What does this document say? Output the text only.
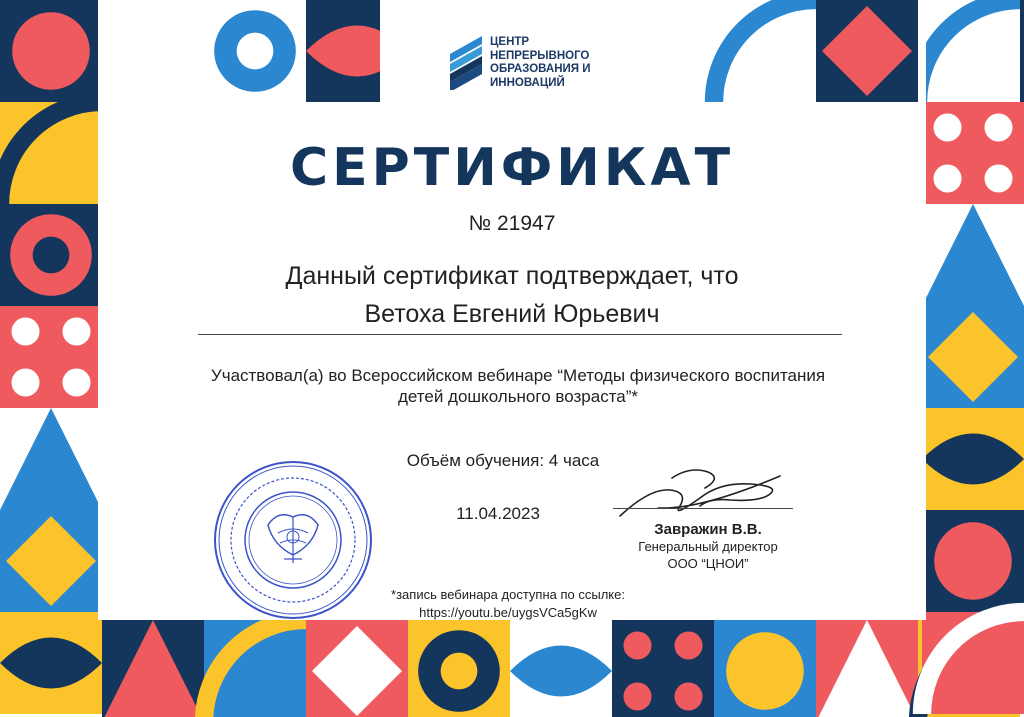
ЦЕНТР
НЕПРЕРЫВНОГО
ОБРАЗОВАНИЯ И
ИННОВАЦИЙ
СЕРТИФИКАТ
№ 21947
Данный сертификат подтверждает, что
Ветоха Евгений Юрьевич
Участвовал(а) во Всероссийском вебинаре “Методы физического воспитания
детей дошкольного возраста”*
Объём обучения: 4 часа
11.04.2023
Завражин В.В.
Генеральный директор
ООО “ЦНОИ”
*запись вебинара доступна по ссылке:
https://youtu.be/uygsVCa5gKw
